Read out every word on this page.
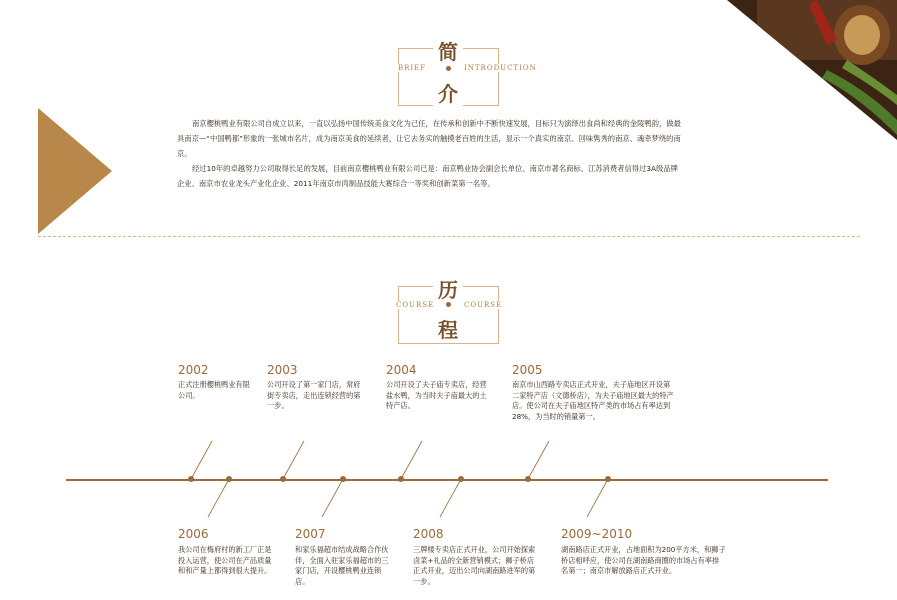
简
BRIEF	INTRODUCTION
介

南京樱桃鸭业有限公司自成立以来，一直以弘扬中国传统美食文化为己任，在传承和创新中不断快速发展，目标只为演绎出食尚和经典的金陵鸭韵，做最具南京—“中国鸭都”形象的一张城市名片，成为南京美食的延续者，让它去务实的触摸老百姓的生活，显示一个真实的南京、回味隽秀的南京、魂牵梦绕的南京。

经过10年的卓越努力公司取得长足的发展，目前南京樱桃鸭业有限公司已是：南京鸭业协会副会长单位、南京市著名商标、江苏消费者信得过3A级品牌企业、南京市农业龙头产业化企业、2011年南京市肉制品技能大赛综合一等奖和创新菜第一名等。

历
COURSE	COURSE
程
2002
正式注册樱桃鸭业有限公司。
2003
公司开设了第一家门店，常府街专卖店，走出连锁经营的第一步。
2004
公司开设了夫子庙专卖店，经营盐水鸭，为当时夫子庙最大的土特产店。
2005
南京市山西路专卖店正式开业，夫子庙地区开设第二家特产店（文德桥店），为夫子庙地区最大的特产店。使公司在夫子庙地区特产类的市场占有率达到28%，为当时的销量第一。
2006
我公司在梅府村的新工厂正是投入运营，使公司在产品质量和和产量上都得到很大提升。
2007
和家乐福超市结成战略合作伙伴，全面入驻家乐福超市的三家门店，开设樱桃鸭业连锁店。
2008
三牌楼专卖店正式开业，公司开始探索卤菜+礼品的全新营销模式；狮子桥店正式开业，迈出公司向湖南路进军的第一步。
2009~2010
湖南路店正式开业，占地面积为200平方米，和狮子桥店相呼应，使公司在湖南路商圈的市场占有率排名第一；南京市解放路店正式开业。
